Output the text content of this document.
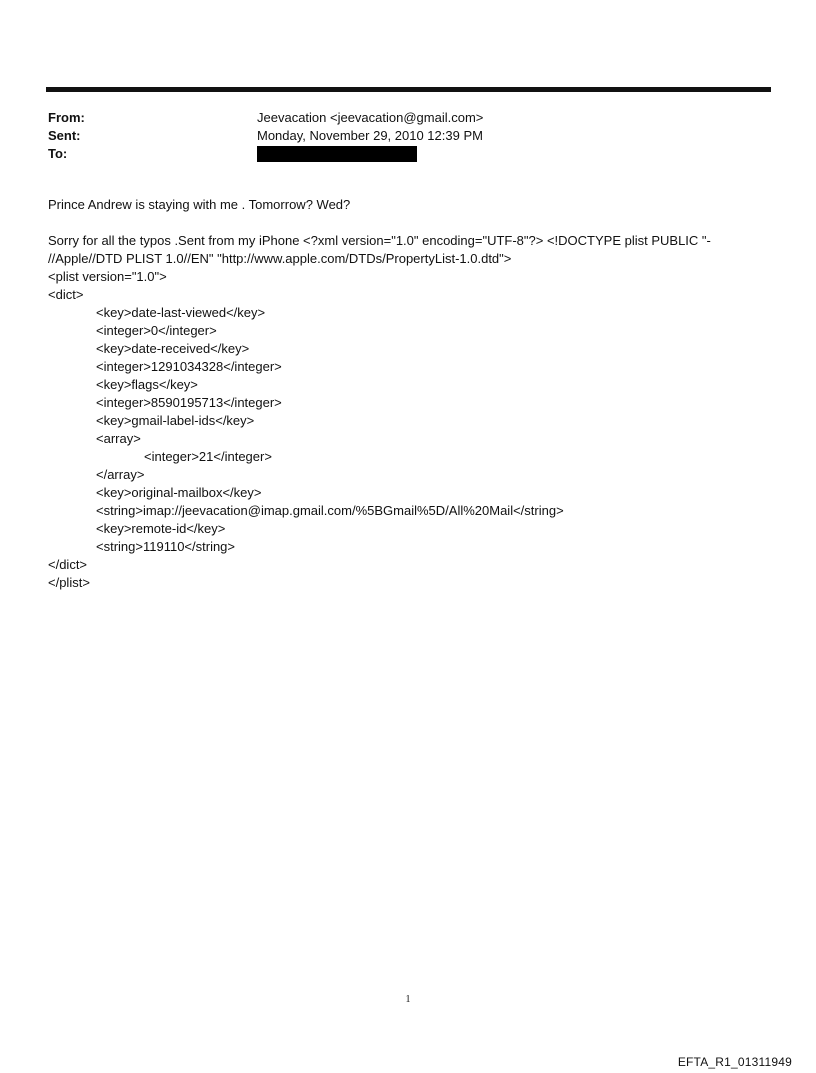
From:	Jeevacation <jeevacation@gmail.com>
Sent:	Monday, November 29, 2010 12:39 PM
To:

Prince Andrew is staying with me . Tomorrow? Wed?

Sorry for all the typos .Sent from my iPhone <?xml version="1.0" encoding="UTF-8"?> <!DOCTYPE plist PUBLIC "-

//Apple//DTD PLIST 1.0//EN" "http://www.apple.com/DTDs/PropertyList-1.0.dtd">

<plist version="1.0">
<dict>
<key>date-last-viewed</key>
<integer>0</integer>
<key>date-received</key>
<integer>1291034328</integer>
<key>flags</key>
<integer>8590195713</integer>
<key>gmail-label-ids</key>
<array>
<integer>21</integer>
</array>
<key>original-mailbox</key>
<string>imap://jeevacation@imap.gmail.com/%5BGmail%5D/All%20Mail</string>
<key>remote-id</key>
<string>119110</string>
</dict>
</plist>
1
EFTA_R1_01311949
